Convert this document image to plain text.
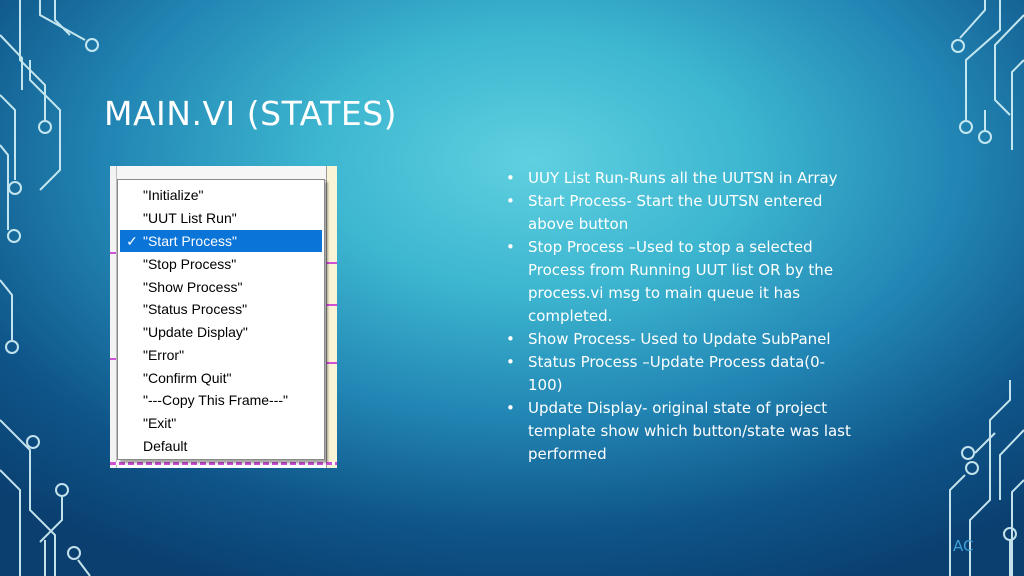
MAIN.VI (STATES)
"Initialize"
"UUT List Run"
✓ "Start Process"
"Stop Process"
"Show Process"
"Status Process"
"Update Display"
"Error"
"Confirm Quit"
"---Copy This Frame---"
"Exit"
Default
• UUY List Run-Runs all the UUTSN in Array
• Start Process- Start the UUTSN entered above button
• Stop Process –Used to stop a selected Process from Running UUT list OR by the process.vi msg to main queue it has completed.
• Show Process- Used to Update SubPanel
• Status Process –Update Process data(0-100)
• Update Display- original state of project template show which button/state was last performed
AC
